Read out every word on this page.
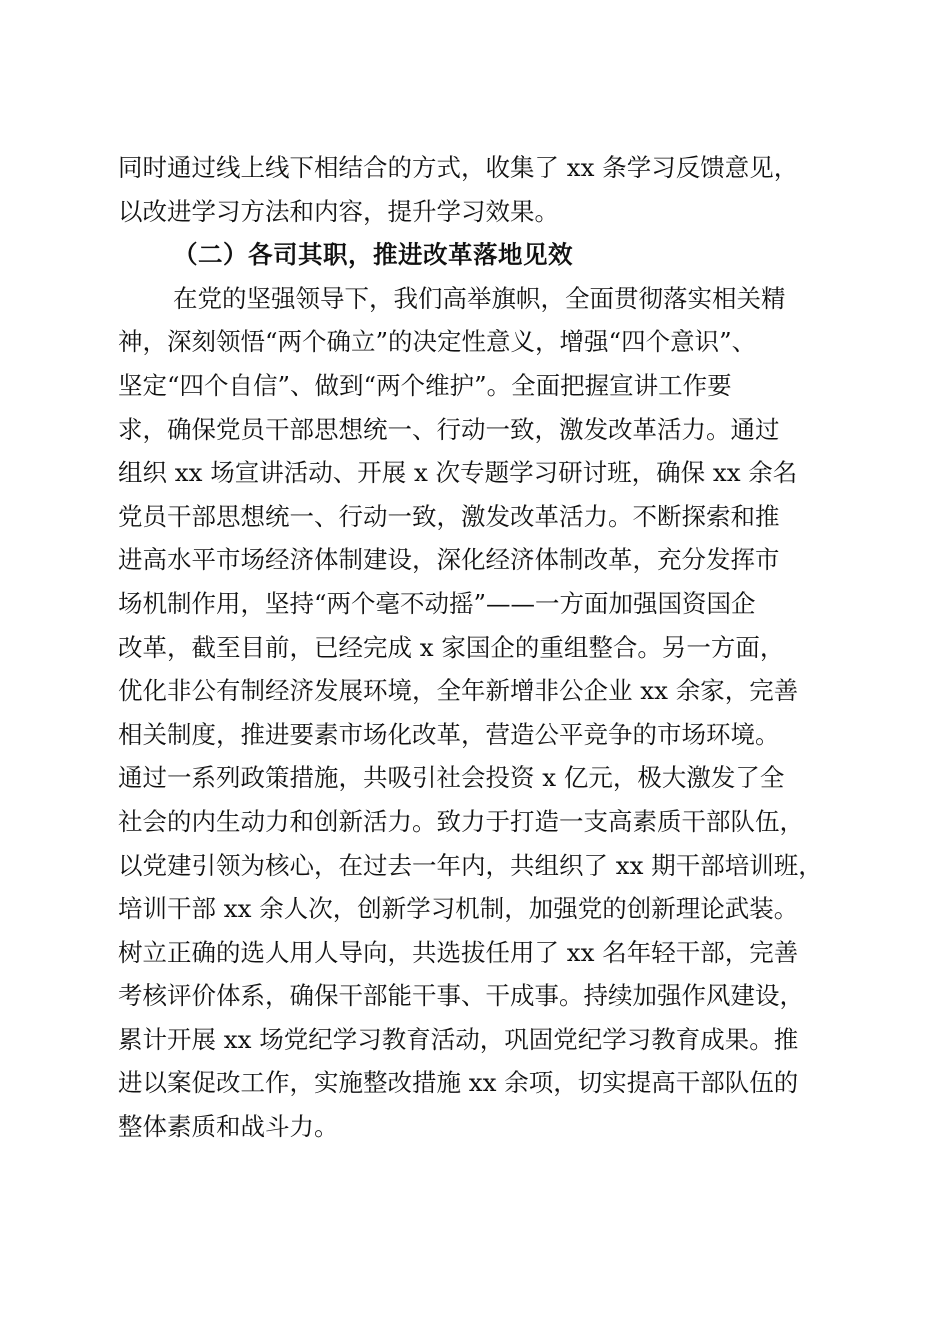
同时通过线上线下相结合的方式，收集了 xx 条学习反馈意见，
以改进学习方法和内容，提升学习效果。
（二）各司其职，推进改革落地见效
在党的坚强领导下，我们高举旗帜，全面贯彻落实相关精
神，深刻领悟“两个确立”的决定性意义，增强“四个意识”、
坚定“四个自信”、做到“两个维护”。全面把握宣讲工作要
求，确保党员干部思想统一、行动一致，激发改革活力。通过
组织 xx 场宣讲活动、开展 x 次专题学习研讨班，确保 xx 余名
党员干部思想统一、行动一致，激发改革活力。不断探索和推
进高水平市场经济体制建设，深化经济体制改革，充分发挥市
场机制作用，坚持“两个毫不动摇”——一方面加强国资国企
改革，截至目前，已经完成 x 家国企的重组整合。另一方面，
优化非公有制经济发展环境，全年新增非公企业 xx 余家，完善
相关制度，推进要素市场化改革，营造公平竞争的市场环境。
通过一系列政策措施，共吸引社会投资 x 亿元，极大激发了全
社会的内生动力和创新活力。致力于打造一支高素质干部队伍，
以党建引领为核心，在过去一年内，共组织了 xx 期干部培训班，
培训干部 xx 余人次，创新学习机制，加强党的创新理论武装。
树立正确的选人用人导向，共选拔任用了 xx 名年轻干部，完善
考核评价体系，确保干部能干事、干成事。持续加强作风建设，
累计开展 xx 场党纪学习教育活动，巩固党纪学习教育成果。推
进以案促改工作，实施整改措施 xx 余项，切实提高干部队伍的
整体素质和战斗力。
